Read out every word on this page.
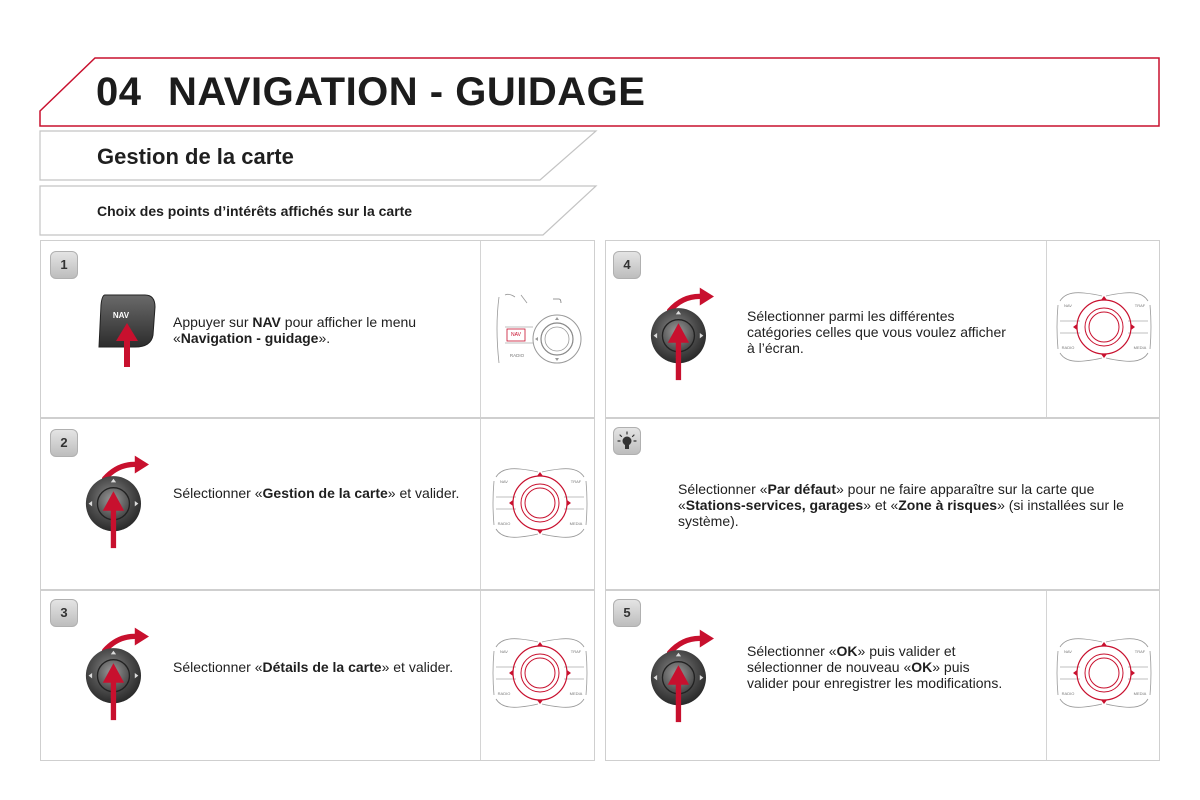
04 NAVIGATION - GUIDAGE
Gestion de la carte
Choix des points d’intérêts affichés sur la carte
1
NAV	Appuyer sur NAV pour afficher le menu «Navigation - guidage».	NAV
RADIO
2
Sélectionner «Gestion de la carte» et valider.
NAV	TRAF
RADIO	MEDIA
3
Sélectionner «Détails de la carte» et valider.
NAV	TRAF
RADIO	MEDIA
4
Sélectionner parmi les différentes catégories celles que vous voulez afficher à l’écran.
NAV	TRAF
RADIO	MEDIA
Sélectionner «Par défaut» pour ne faire apparaître sur la carte que «Stations-services, garages» et «Zone à risques» (si installées sur le système).
5
Sélectionner «OK» puis valider et sélectionner de nouveau «OK» puis valider pour enregistrer les modifications.
NAV	TRAF
RADIO	MEDIA
